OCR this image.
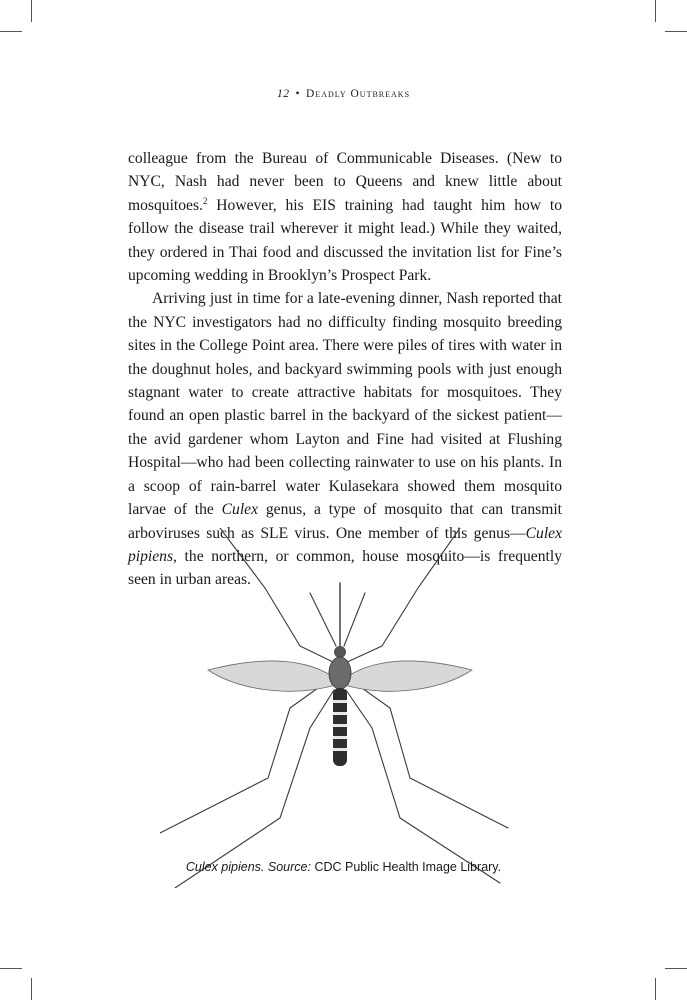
12 • Deadly Outbreaks

colleague from the Bureau of Communicable Diseases. (New to NYC, Nash had never been to Queens and knew little about mosquitoes.$^2$ However, his EIS training had taught him how to follow the disease trail wherever it might lead.) While they waited, they ordered in Thai food and discussed the invitation list for Fine’s upcoming wedding in Brooklyn’s Prospect Park.

Arriving just in time for a late-evening dinner, Nash reported that the NYC investigators had no difficulty finding mosquito breeding sites in the College Point area. There were piles of tires with water in the doughnut holes, and backyard swimming pools with just enough stagnant water to create attractive habitats for mosquitoes. They found an open plastic barrel in the backyard of the sickest patient—the avid gardener whom Layton and Fine had visited at Flushing Hospital—who had been collecting rainwater to use on his plants. In a scoop of rain-barrel water Kulasekara showed them mosquito larvae of the Culex genus, a type of mosquito that can transmit arboviruses such as SLE virus. One member of this genus—Culex pipiens, the northern, or common, house mosquito—is frequently seen in urban areas.

Culex pipiens. Source: CDC Public Health Image Library.
